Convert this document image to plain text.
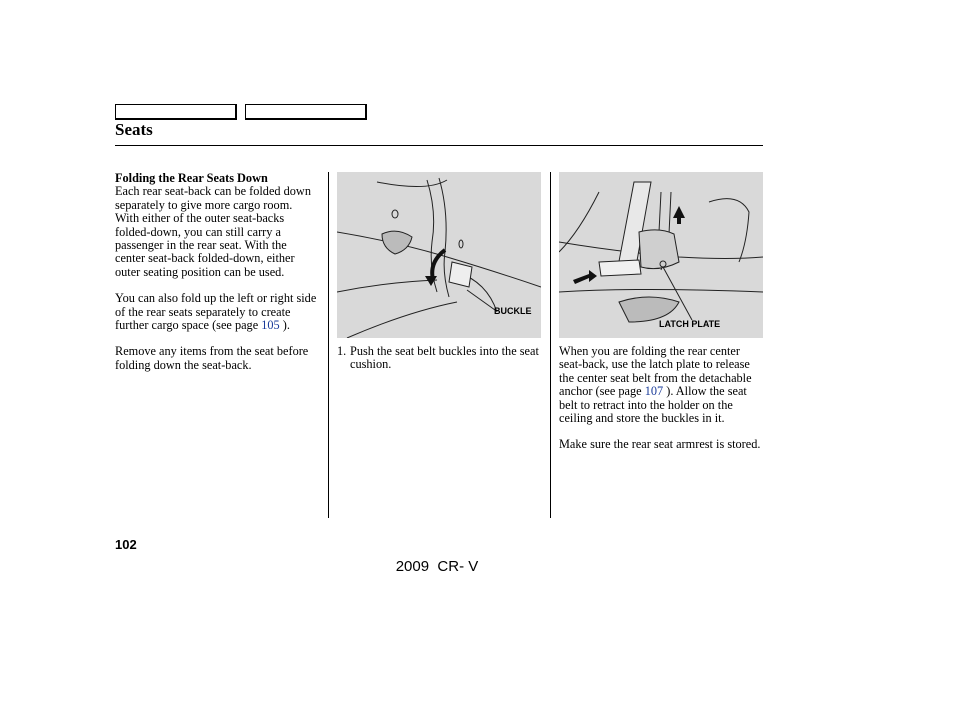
Seats
Folding the Rear Seats Down

Each rear seat-back can be folded down separately to give more cargo room. With either of the outer seat-backs folded-down, you can still carry a passenger in the rear seat. With the center seat-back folded-down, either outer seating position can be used.

You can also fold up the left or right side of the rear seats separately to create further cargo space (see page 105 ).

Remove any items from the seat before folding down the seat-back.

BUCKLE
1. Push the seat belt buckles into the seat cushion.
LATCH PLATE

When you are folding the rear center seat-back, use the latch plate to release the center seat belt from the detachable anchor (see page 107 ). Allow the seat belt to retract into the holder on the ceiling and store the buckles in it.

Make sure the rear seat armrest is stored.

102
2009  CR- V
